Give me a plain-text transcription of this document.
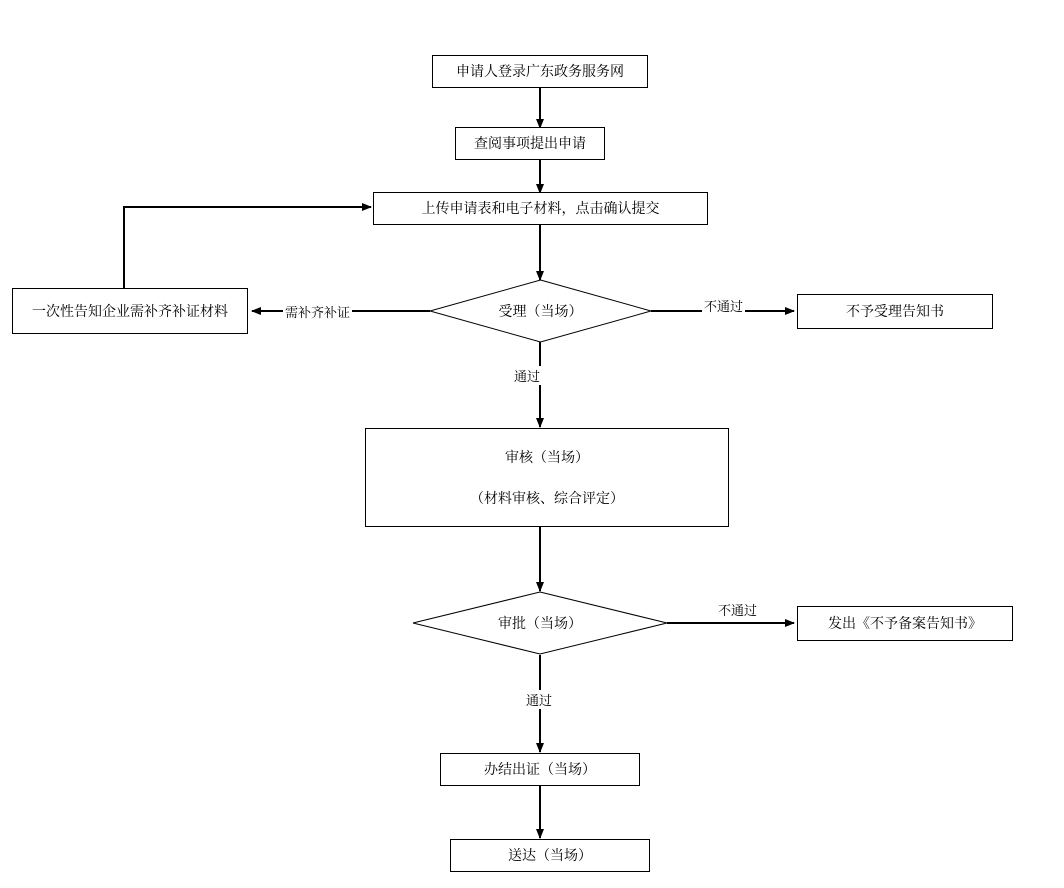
申请人登录广东政务服务网
查阅事项提出申请
上传申请表和电子材料，点击确认提交
受理（当场）
一次性告知企业需补齐补证材料	不予受理告知书
审核（当场）
（材料审核、综合评定）
审批（当场）	发出《不予备案告知书》
办结出证（当场）
送达（当场）
需补齐补证	不通过
通过
不通过
通过
